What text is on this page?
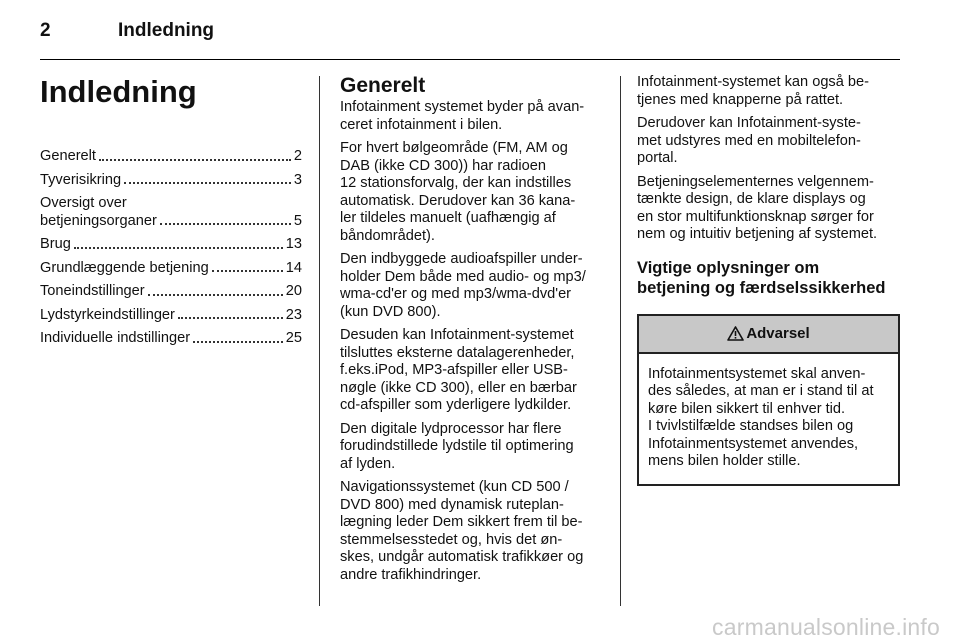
2	Indledning
Indledning
Generelt	2
Tyverisikring	3
Oversigt over
betjeningsorganer	5
Brug	13
Grundlæggende betjening	14
Toneindstillinger	20
Lydstyrkeindstillinger	23
Individuelle indstillinger	25
Generelt

Infotainment systemet byder på avan-
ceret infotainment i bilen.

For hvert bølgeområde (FM, AM og
DAB (ikke CD 300)) har radioen
12 stationsforvalg, der kan indstilles
automatisk. Derudover kan 36 kana-
ler tildeles manuelt (uafhængig af
båndområdet).

Den indbyggede audioafspiller under-
holder Dem både med audio- og mp3/
wma-cd'er og med mp3/wma-dvd'er
(kun DVD 800).

Desuden kan Infotainment-systemet
tilsluttes eksterne datalagerenheder,
f.eks.iPod, MP3-afspiller eller USB-
nøgle (ikke CD 300), eller en bærbar
cd-afspiller som yderligere lydkilder.

Den digitale lydprocessor har flere
forudindstillede lydstile til optimering
af lyden.

Navigationssystemet (kun CD 500 /
DVD 800) med dynamisk ruteplan-
lægning leder Dem sikkert frem til be-
stemmelsesstedet og, hvis det øn-
skes, undgår automatisk trafikkøer og
andre trafikhindringer.

Infotainment-systemet kan også be-
tjenes med knapperne på rattet.

Derudover kan Infotainment-syste-
met udstyres med en mobiltelefon-
portal.

Betjeningselementernes velgennem-
tænkte design, de klare displays og
en stor multifunktionsknap sørger for
nem og intuitiv betjening af systemet.

Vigtige oplysninger om
betjening og færdselssikkerhed
Advarsel
Infotainmentsystemet skal anven-
des således, at man er i stand til at
køre bilen sikkert til enhver tid.
I tvivlstilfælde standses bilen og
Infotainmentsystemet anvendes,
mens bilen holder stille.
carmanualsonline.info
